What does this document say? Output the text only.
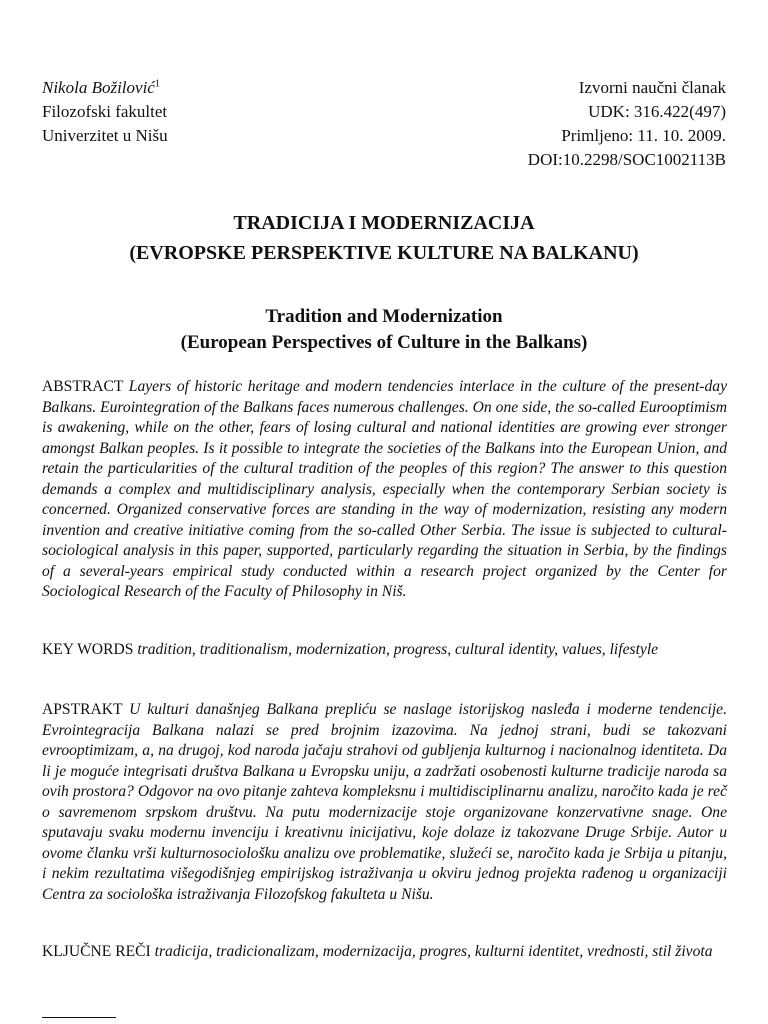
Nikola Božilović$^1$
Filozofski fakultet
Univerzitet u Nišu
Izvorni naučni članak
UDK: 316.422(497)
Primljeno: 11. 10. 2009.
DOI:10.2298/SOC1002113B
TRADICIJA I MODERNIZACIJA
(EVROPSKE PERSPEKTIVE KULTURE NA BALKANU)
Tradition and Modernization
(European Perspectives of Culture in the Balkans)
ABSTRACT Layers of historic heritage and modern tendencies interlace in the culture of the present-day Balkans. Eurointegration of the Balkans faces numerous challenges. On one side, the so-called Eurooptimism is awakening, while on the other, fears of losing cultural and national identities are growing ever stronger amongst Balkan peoples. Is it possible to integrate the societies of the Balkans into the European Union, and retain the particularities of the cultural tradition of the peoples of this region? The answer to this question demands a complex and multidisciplinary analysis, especially when the contemporary Serbian society is concerned. Organized conservative forces are standing in the way of modernization, resisting any modern invention and creative initiative coming from the so-called Other Serbia. The issue is subjected to cultural-sociological analysis in this paper, supported, particularly regarding the situation in Serbia, by the findings of a several-years empirical study conducted within a research project organized by the Center for Sociological Research of the Faculty of Philosophy in Niš.
KEY WORDS tradition, traditionalism, modernization, progress, cultural identity, values, lifestyle
APSTRAKT U kulturi današnjeg Balkana prepliću se naslage istorijskog nasleđa i moderne tendencije. Evrointegracija Balkana nalazi se pred brojnim izazovima. Na jednoj strani, budi se takozvani evrooptimizam, a, na drugoj, kod naroda jačaju strahovi od gubljenja kulturnog i nacionalnog identiteta. Da li je moguće integrisati društva Balkana u Evropsku uniju, a zadržati osobenosti kulturne tradicije naroda sa ovih prostora? Odgovor na ovo pitanje zahteva kompleksnu i multidisciplinarnu analizu, naročito kada je reč o savremenom srpskom društvu. Na putu modernizacije stoje organizovane konzervativne snage. One sputavaju svaku modernu invenciju i kreativnu inicijativu, koje dolaze iz takozvane Druge Srbije. Autor u ovome članku vrši kulturnosociološku analizu ove problematike, služeći se, naročito kada je Srbija u pitanju, i nekim rezultatima višegodišnjeg empirijskog istraživanja u okviru jednog projekta rađenog u organizaciji Centra za sociološka istraživanja Filozofskog fakulteta u Nišu.
KLJUČNE REČI tradicija, tradicionalizam, modernizacija, progres, kulturni identitet, vrednosti, stil života
